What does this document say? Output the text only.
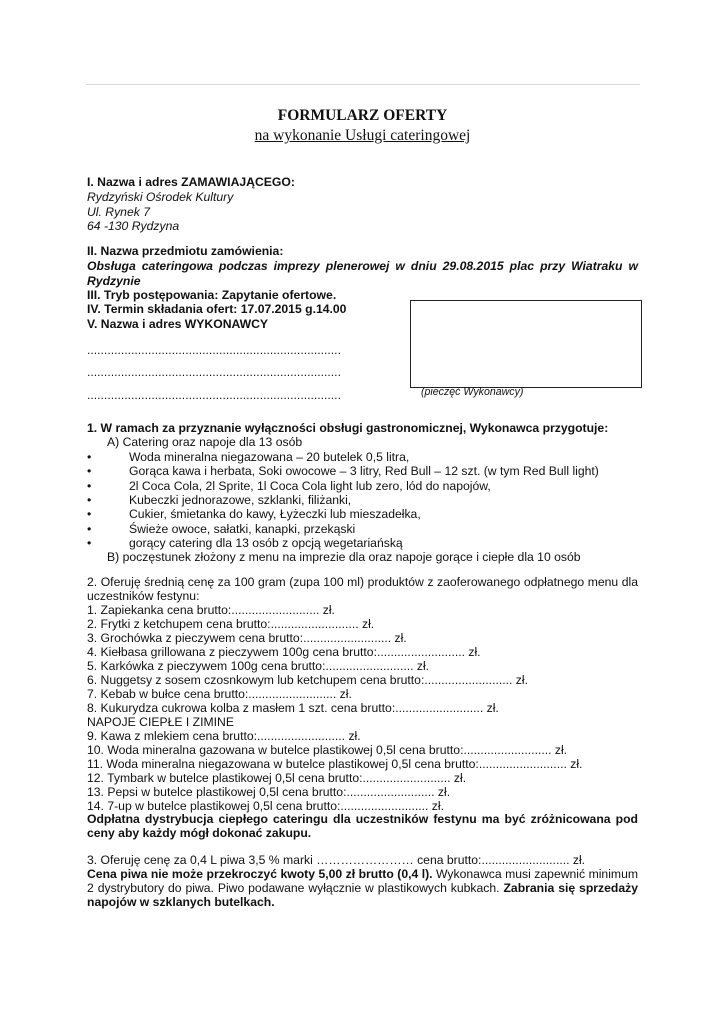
FORMULARZ OFERTY
na wykonanie Usługi cateringowej
I. Nazwa i adres ZAMAWIAJĄCEGO:
Rydzyński Ośrodek Kultury
Ul. Rynek 7
64 -130 Rydzyna
II. Nazwa przedmiotu zamówienia:
Obsługa cateringowa podczas imprezy plenerowej w dniu 29.08.2015 plac przy Wiatraku w
Rydzynie
III. Tryb postępowania: Zapytanie ofertowe.
IV. Termin składania ofert: 17.07.2015 g.14.00
V. Nazwa i adres WYKONAWCY
...........................................................................
...........................................................................
...........................................................................	(pieczęć Wykonawcy)
1. W ramach za przyznanie wyłączności obsługi gastronomicznej, Wykonawca przygotuje:
A) Catering oraz napoje dla 13 osób
•	Woda mineralna niegazowana – 20 butelek 0,5 litra,
•	Gorąca kawa i herbata, Soki owocowe – 3 litry, Red Bull – 12 szt. (w tym Red Bull light)
•	2l Coca Cola, 2l Sprite, 1l Coca Cola light lub zero, lód do napojów,
•	Kubeczki jednorazowe, szklanki, filiżanki,
•	Cukier, śmietanka do kawy, Łyżeczki lub mieszadełka,
•	Świeże owoce, sałatki, kanapki, przekąski
•	gorący catering dla 13 osób z opcją wegetariańską
B) poczęstunek złożony z menu na imprezie dla oraz napoje gorące i ciepłe dla 10 osób
2. Oferuję średnią cenę za 100 gram (zupa 100 ml) produktów z zaoferowanego odpłatnego menu dla
uczestników festynu:
1. Zapiekanka cena brutto:.......................... zł.
2. Frytki z ketchupem cena brutto:.......................... zł.
3. Grochówka z pieczywem cena brutto:.......................... zł.
4. Kiełbasa grillowana z pieczywem 100g cena brutto:.......................... zł.
5. Karkówka z pieczywem 100g cena brutto:.......................... zł.
6. Nuggetsy z sosem czosnkowym lub ketchupem cena brutto:.......................... zł.
7. Kebab w bułce cena brutto:.......................... zł.
8. Kukurydza cukrowa kolba z masłem 1 szt. cena brutto:.......................... zł.
NAPOJE CIEPŁE I ZIMINE
9. Kawa z mlekiem cena brutto:.......................... zł.
10. Woda mineralna gazowana w butelce plastikowej 0,5l cena brutto:.......................... zł.
11. Woda mineralna niegazowana w butelce plastikowej 0,5l cena brutto:.......................... zł.
12. Tymbark w butelce plastikowej 0,5l cena brutto:.......................... zł.
13. Pepsi w butelce plastikowej 0,5l cena brutto:.......................... zł.
14. 7-up w butelce plastikowej 0,5l cena brutto:.......................... zł.
Odpłatna dystrybucja ciepłego cateringu dla uczestników festynu ma być zróżnicowana pod
ceny aby każdy mógł dokonać zakupu.
3. Oferuję cenę za 0,4 L piwa 3,5 % marki …………………… cena brutto:.......................... zł.
Cena piwa nie może przekroczyć kwoty 5,00 zł brutto (0,4 l). Wykonawca musi zapewnić minimum
2 dystrybutory do piwa. Piwo podawane wyłącznie w plastikowych kubkach. Zabrania się sprzedaży
napojów w szklanych butelkach.
